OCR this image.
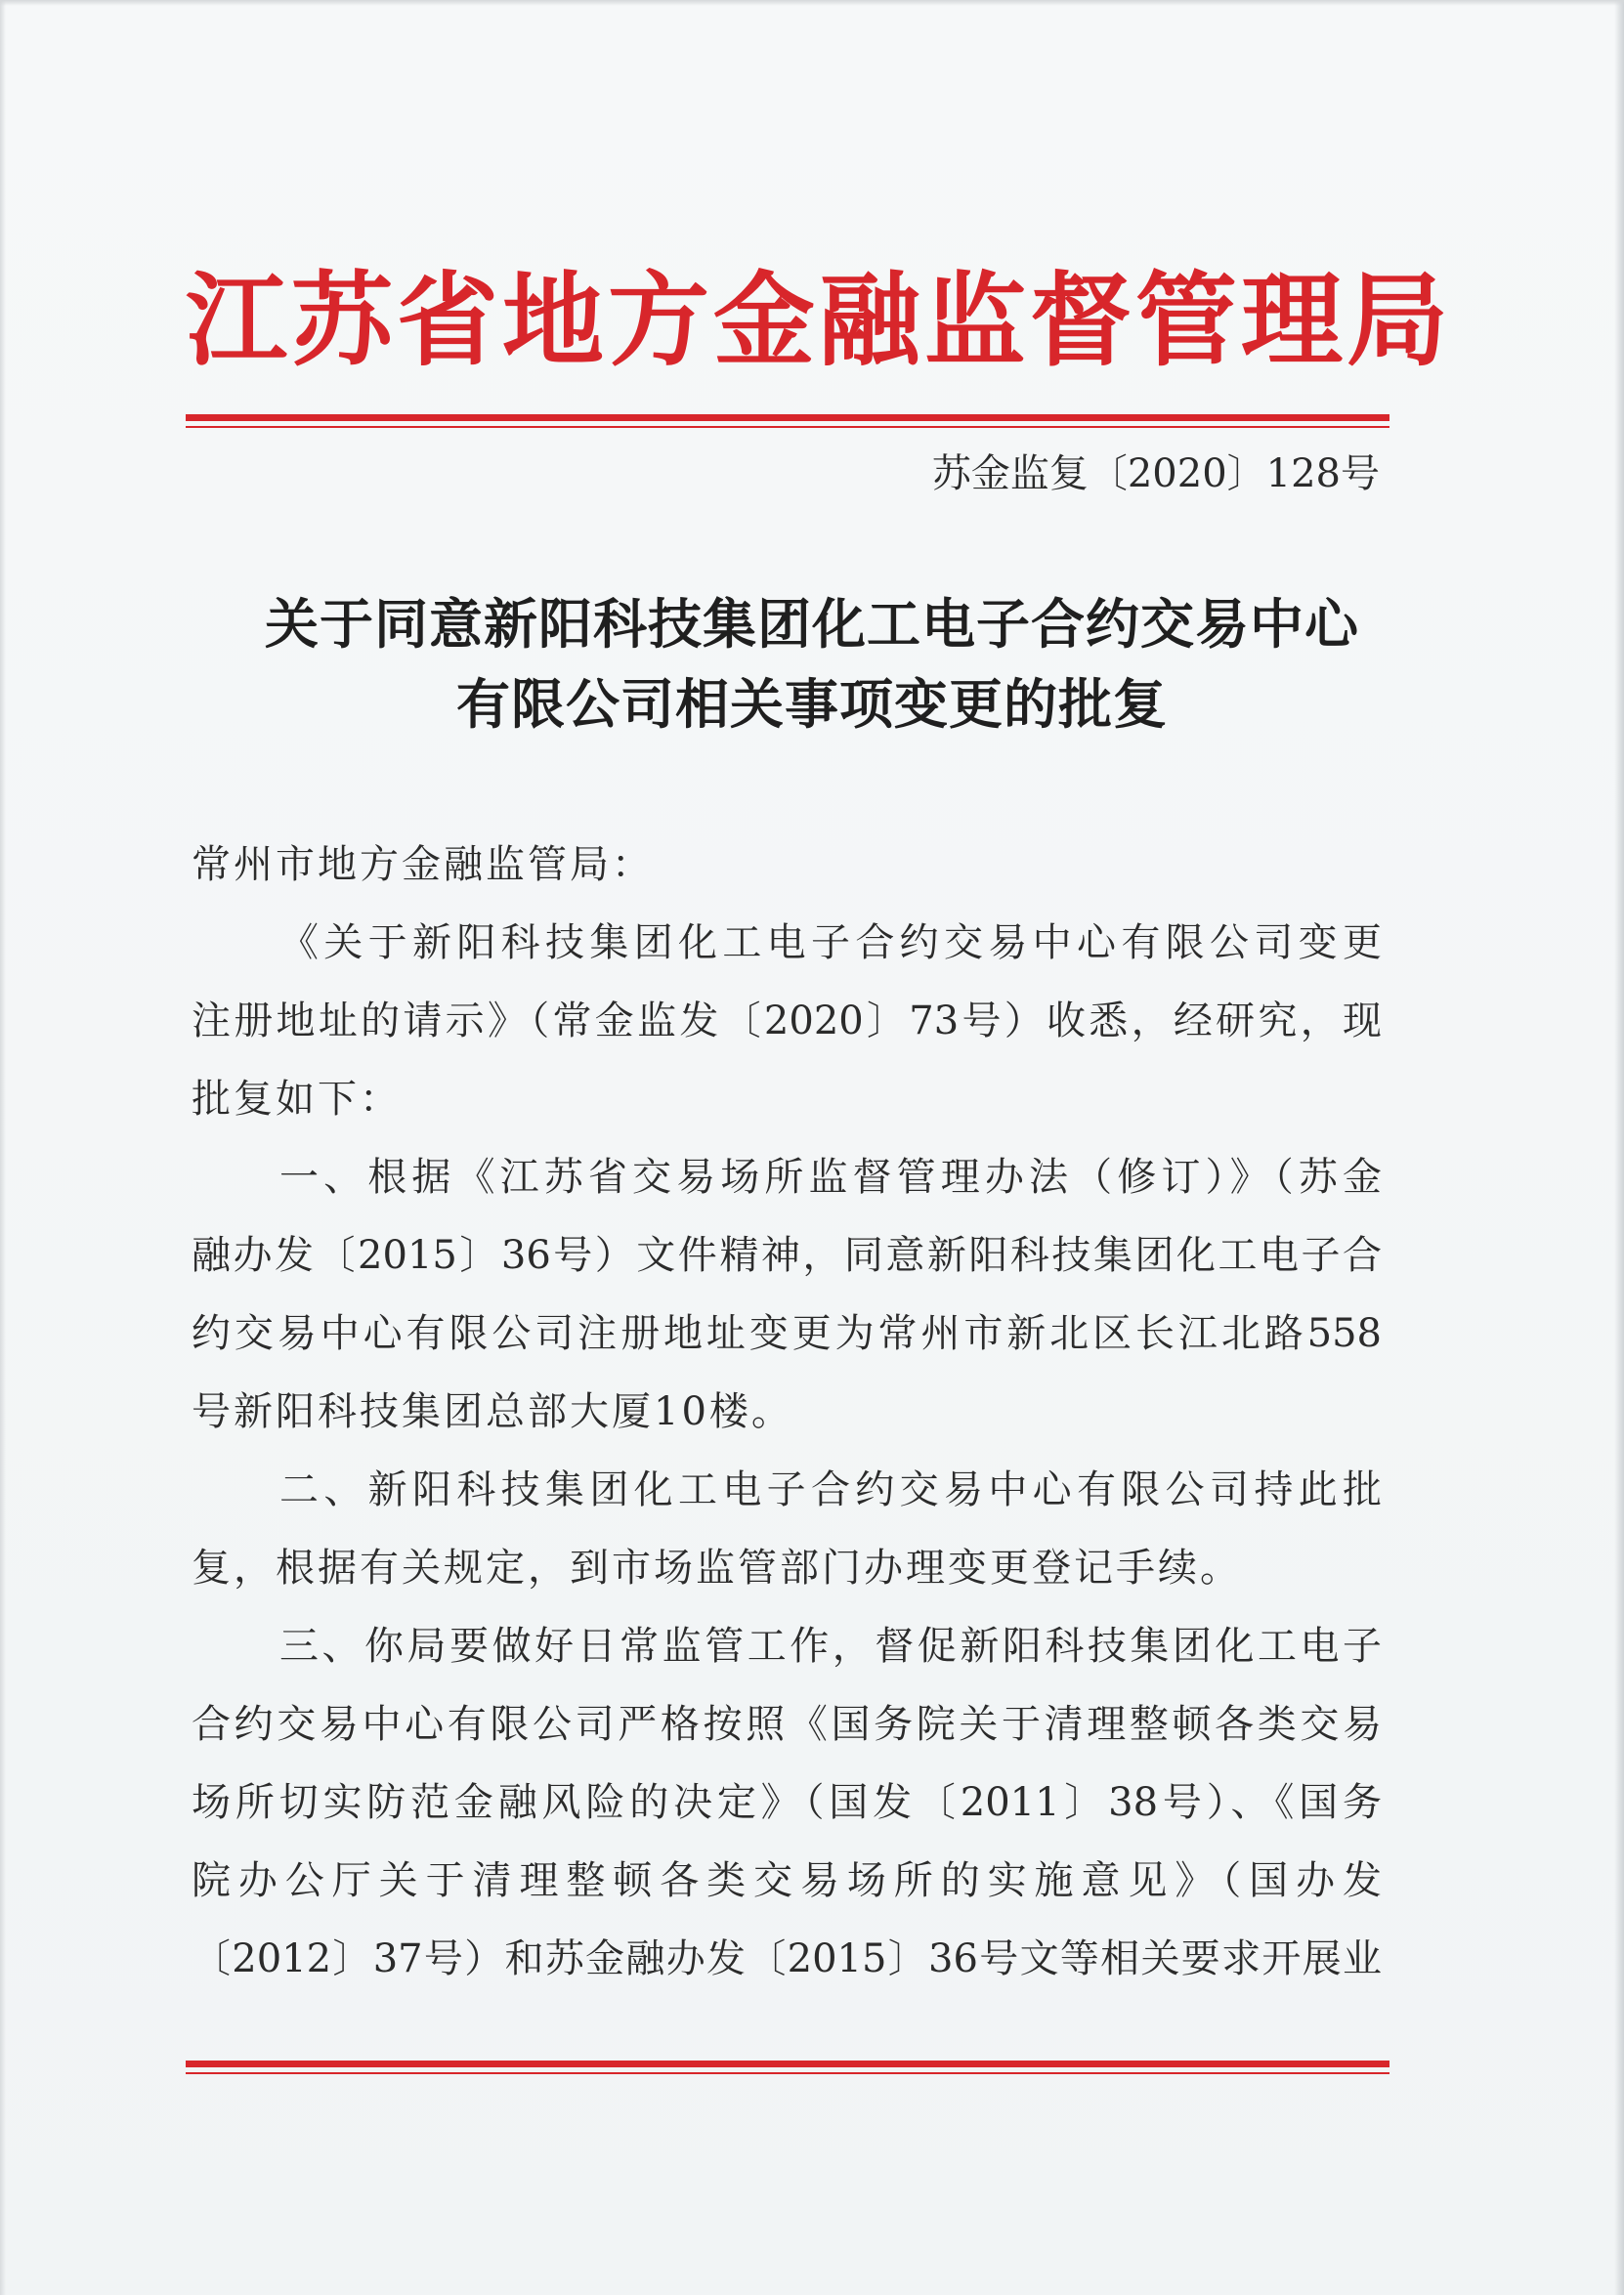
江苏省地方金融监督管理局
苏金监复〔2020〕128号
关于同意新阳科技集团化工电子合约交易中心
有限公司相关事项变更的批复
常州市地方金融监管局：
《关于新阳科技集团化工电子合约交易中心有限公司变更
注册地址的请示》（常金监发〔2020〕73号）收悉，经研究，现
批复如下：
一、根据《江苏省交易场所监督管理办法（修订）》（苏金
融办发〔2015〕36号）文件精神，同意新阳科技集团化工电子合
约交易中心有限公司注册地址变更为常州市新北区长江北路558
号新阳科技集团总部大厦10楼。
二、新阳科技集团化工电子合约交易中心有限公司持此批
复，根据有关规定，到市场监管部门办理变更登记手续。
三、你局要做好日常监管工作，督促新阳科技集团化工电子
合约交易中心有限公司严格按照《国务院关于清理整顿各类交易
场所切实防范金融风险的决定》（国发〔2011〕38号）、《国务
院办公厅关于清理整顿各类交易场所的实施意见》（国办发
〔2012〕37号）和苏金融办发〔2015〕36号文等相关要求开展业
